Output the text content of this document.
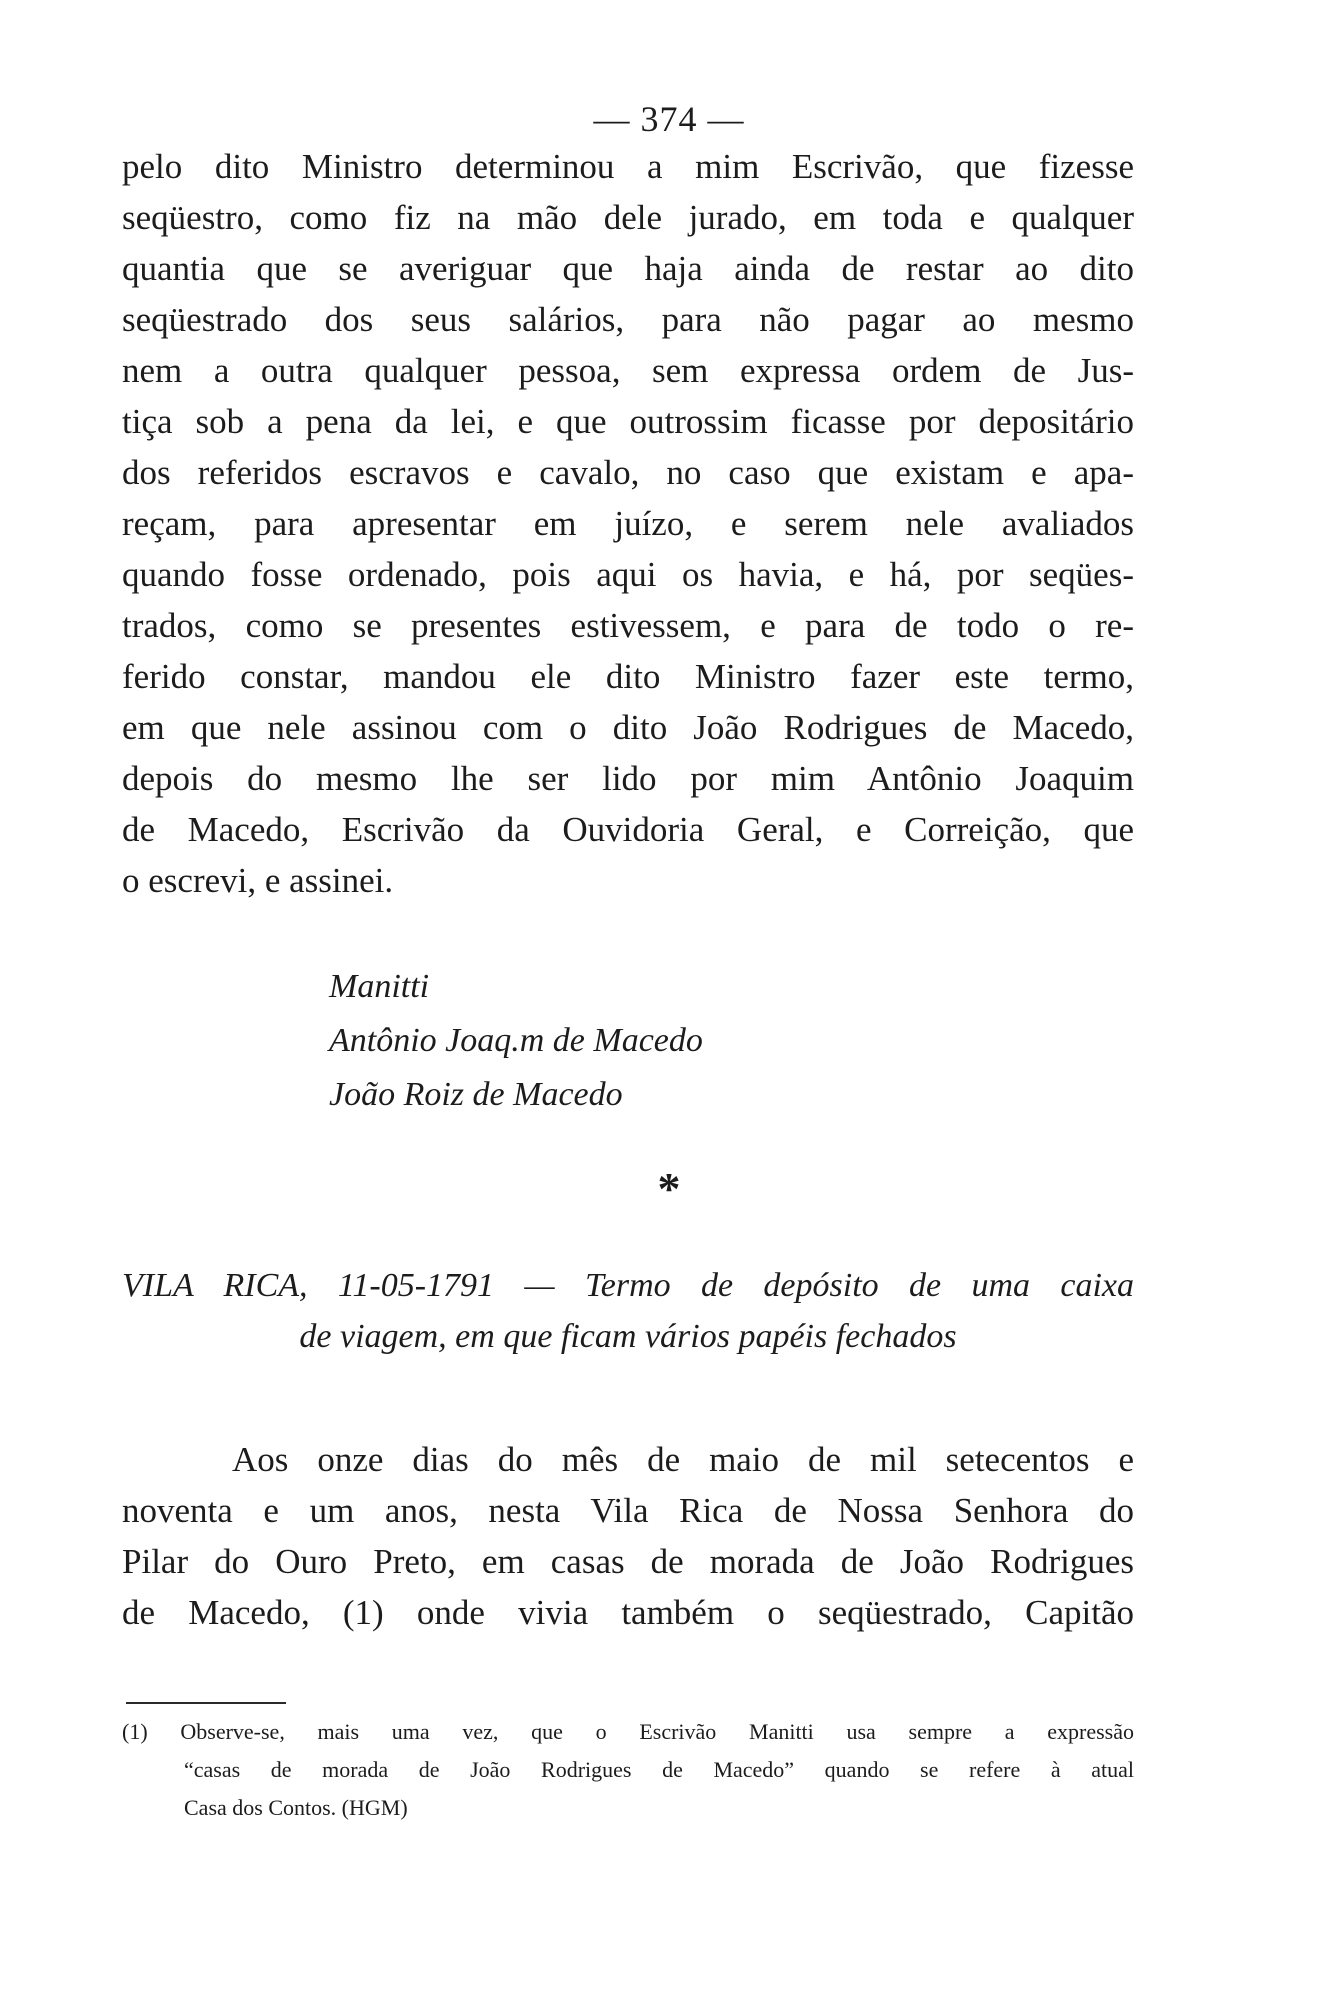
— 374 —
pelo dito Ministro determinou a mim Escrivão, que fizesse
seqüestro, como fiz na mão dele jurado, em toda e qualquer
quantia que se averiguar que haja ainda de restar ao dito
seqüestrado dos seus salários, para não pagar ao mesmo
nem a outra qualquer pessoa, sem expressa ordem de Jus-
tiça sob a pena da lei, e que outrossim ficasse por depositário
dos referidos escravos e cavalo, no caso que existam e apa-
reçam, para apresentar em juízo, e serem nele avaliados
quando fosse ordenado, pois aqui os havia, e há, por seqües-
trados, como se presentes estivessem, e para de todo o re-
ferido constar, mandou ele dito Ministro fazer este termo,
em que nele assinou com o dito João Rodrigues de Macedo,
depois do mesmo lhe ser lido por mim Antônio Joaquim
de Macedo, Escrivão da Ouvidoria Geral, e Correição, que
o escrevi, e assinei.
Manitti
Antônio Joaq.m de Macedo
João Roiz de Macedo
*
VILA RICA, 11-05-1791 — Termo de depósito de uma caixa
de viagem, em que ficam vários papéis fechados
Aos onze dias do mês de maio de mil setecentos e
noventa e um anos, nesta Vila Rica de Nossa Senhora do
Pilar do Ouro Preto, em casas de morada de João Rodrigues
de Macedo, (1) onde vivia também o seqüestrado, Capitão
(1) Observe-se, mais uma vez, que o Escrivão Manitti usa sempre a expressão
“casas de morada de João Rodrigues de Macedo” quando se refere à atual
Casa dos Contos. (HGM)
